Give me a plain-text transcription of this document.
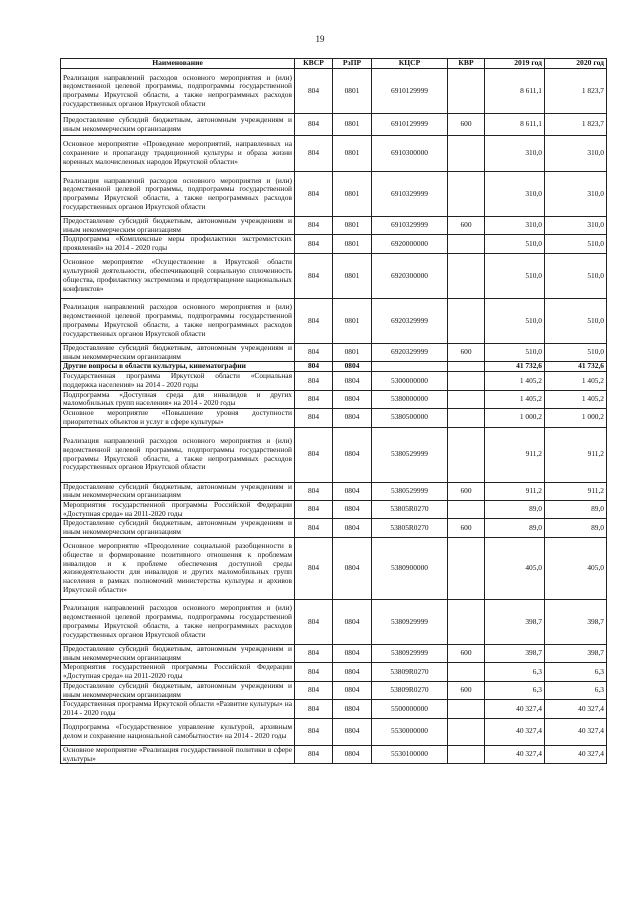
19
Наименование	КВСР	РзПР	КЦСР	КВР	2019 год	2020 год
Реализация направлений расходов основного мероприятия и (или) ведомственной целевой программы, подпрограммы государственной программы Иркутской области, а также непрограммных расходов государственных органов Иркутской области	804	0801	6910129999		8 611,1	1 823,7
Предоставление субсидий бюджетным, автономным учреждениям и иным некоммерческим организациям	804	0801	6910129999	600	8 611,1	1 823,7
Основное мероприятие «Проведение мероприятий, направленных на сохранение и пропаганду традиционной культуры и образа жизни коренных малочисленных народов Иркутской области»	804	0801	6910300000		310,0	310,0
Реализация направлений расходов основного мероприятия и (или) ведомственной целевой программы, подпрограммы государственной программы Иркутской области, а также непрограммных расходов государственных органов Иркутской области	804	0801	6910329999		310,0	310,0
Предоставление субсидий бюджетным, автономным учреждениям и иным некоммерческим организациям	804	0801	6910329999	600	310,0	310,0
Подпрограмма «Комплексные меры профилактики экстремистских проявлений» на 2014 - 2020 годы	804	0801	6920000000		510,0	510,0
Основное мероприятие «Осуществление в Иркутской области культурной деятельности, обеспечивающей социальную сплоченность общества, профилактику экстремизма и предотвращение национальных конфликтов»	804	0801	6920300000		510,0	510,0
Реализация направлений расходов основного мероприятия и (или) ведомственной целевой программы, подпрограммы государственной программы Иркутской области, а также непрограммных расходов государственных органов Иркутской области	804	0801	6920329999		510,0	510,0
Предоставление субсидий бюджетным, автономным учреждениям и иным некоммерческим организациям	804	0801	6920329999	600	510,0	510,0
Другие вопросы в области культуры, кинематографии	804	0804			41 732,6	41 732,6
Государственная программа Иркутской области «Социальная поддержка населения» на 2014 - 2020 годы	804	0804	5300000000		1 405,2	1 405,2
Подпрограмма «Доступная среда для инвалидов и других маломобильных групп населения» на 2014 - 2020 годы	804	0804	5380000000		1 405,2	1 405,2
Основное мероприятие «Повышение уровня доступности приоритетных объектов и услуг в сфере культуры»	804	0804	5380500000		1 000,2	1 000,2
Реализация направлений расходов основного мероприятия и (или) ведомственной целевой программы, подпрограммы государственной программы Иркутской области, а также непрограммных расходов государственных органов Иркутской области	804	0804	5380529999		911,2	911,2
Предоставление субсидий бюджетным, автономным учреждениям и иным некоммерческим организациям	804	0804	5380529999	600	911,2	911,2
Мероприятия государственной программы Российской Федерации «Доступная среда» на 2011-2020 годы	804	0804	53805R0270		89,0	89,0
Предоставление субсидий бюджетным, автономным учреждениям и иным некоммерческим организациям	804	0804	53805R0270	600	89,0	89,0
Основное мероприятие «Преодоление социальной разобщенности в обществе и формирование позитивного отношения к проблемам инвалидов и к проблеме обеспечения доступной среды жизнедеятельности для инвалидов и других маломобильных групп населения в рамках полномочий министерства культуры и архивов Иркутской области»	804	0804	5380900000		405,0	405,0
Реализация направлений расходов основного мероприятия и (или) ведомственной целевой программы, подпрограммы государственной программы Иркутской области, а также непрограммных расходов государственных органов Иркутской области	804	0804	5380929999		398,7	398,7
Предоставление субсидий бюджетным, автономным учреждениям и иным некоммерческим организациям	804	0804	5380929999	600	398,7	398,7
Мероприятия государственной программы Российской Федерации «Доступная среда» на 2011-2020 годы	804	0804	53809R0270		6,3	6,3
Предоставление субсидий бюджетным, автономным учреждениям и иным некоммерческим организациям	804	0804	53809R0270	600	6,3	6,3
Государственная программа Иркутской области «Развитие культуры» на 2014 - 2020 годы	804	0804	5500000000		40 327,4	40 327,4
Подпрограмма «Государственное управление культурой, архивным делом и сохранение национальной самобытности» на 2014 - 2020 годы	804	0804	5530000000		40 327,4	40 327,4
Основное мероприятие «Реализация государственной политики в сфере культуры»	804	0804	5530100000		40 327,4	40 327,4
